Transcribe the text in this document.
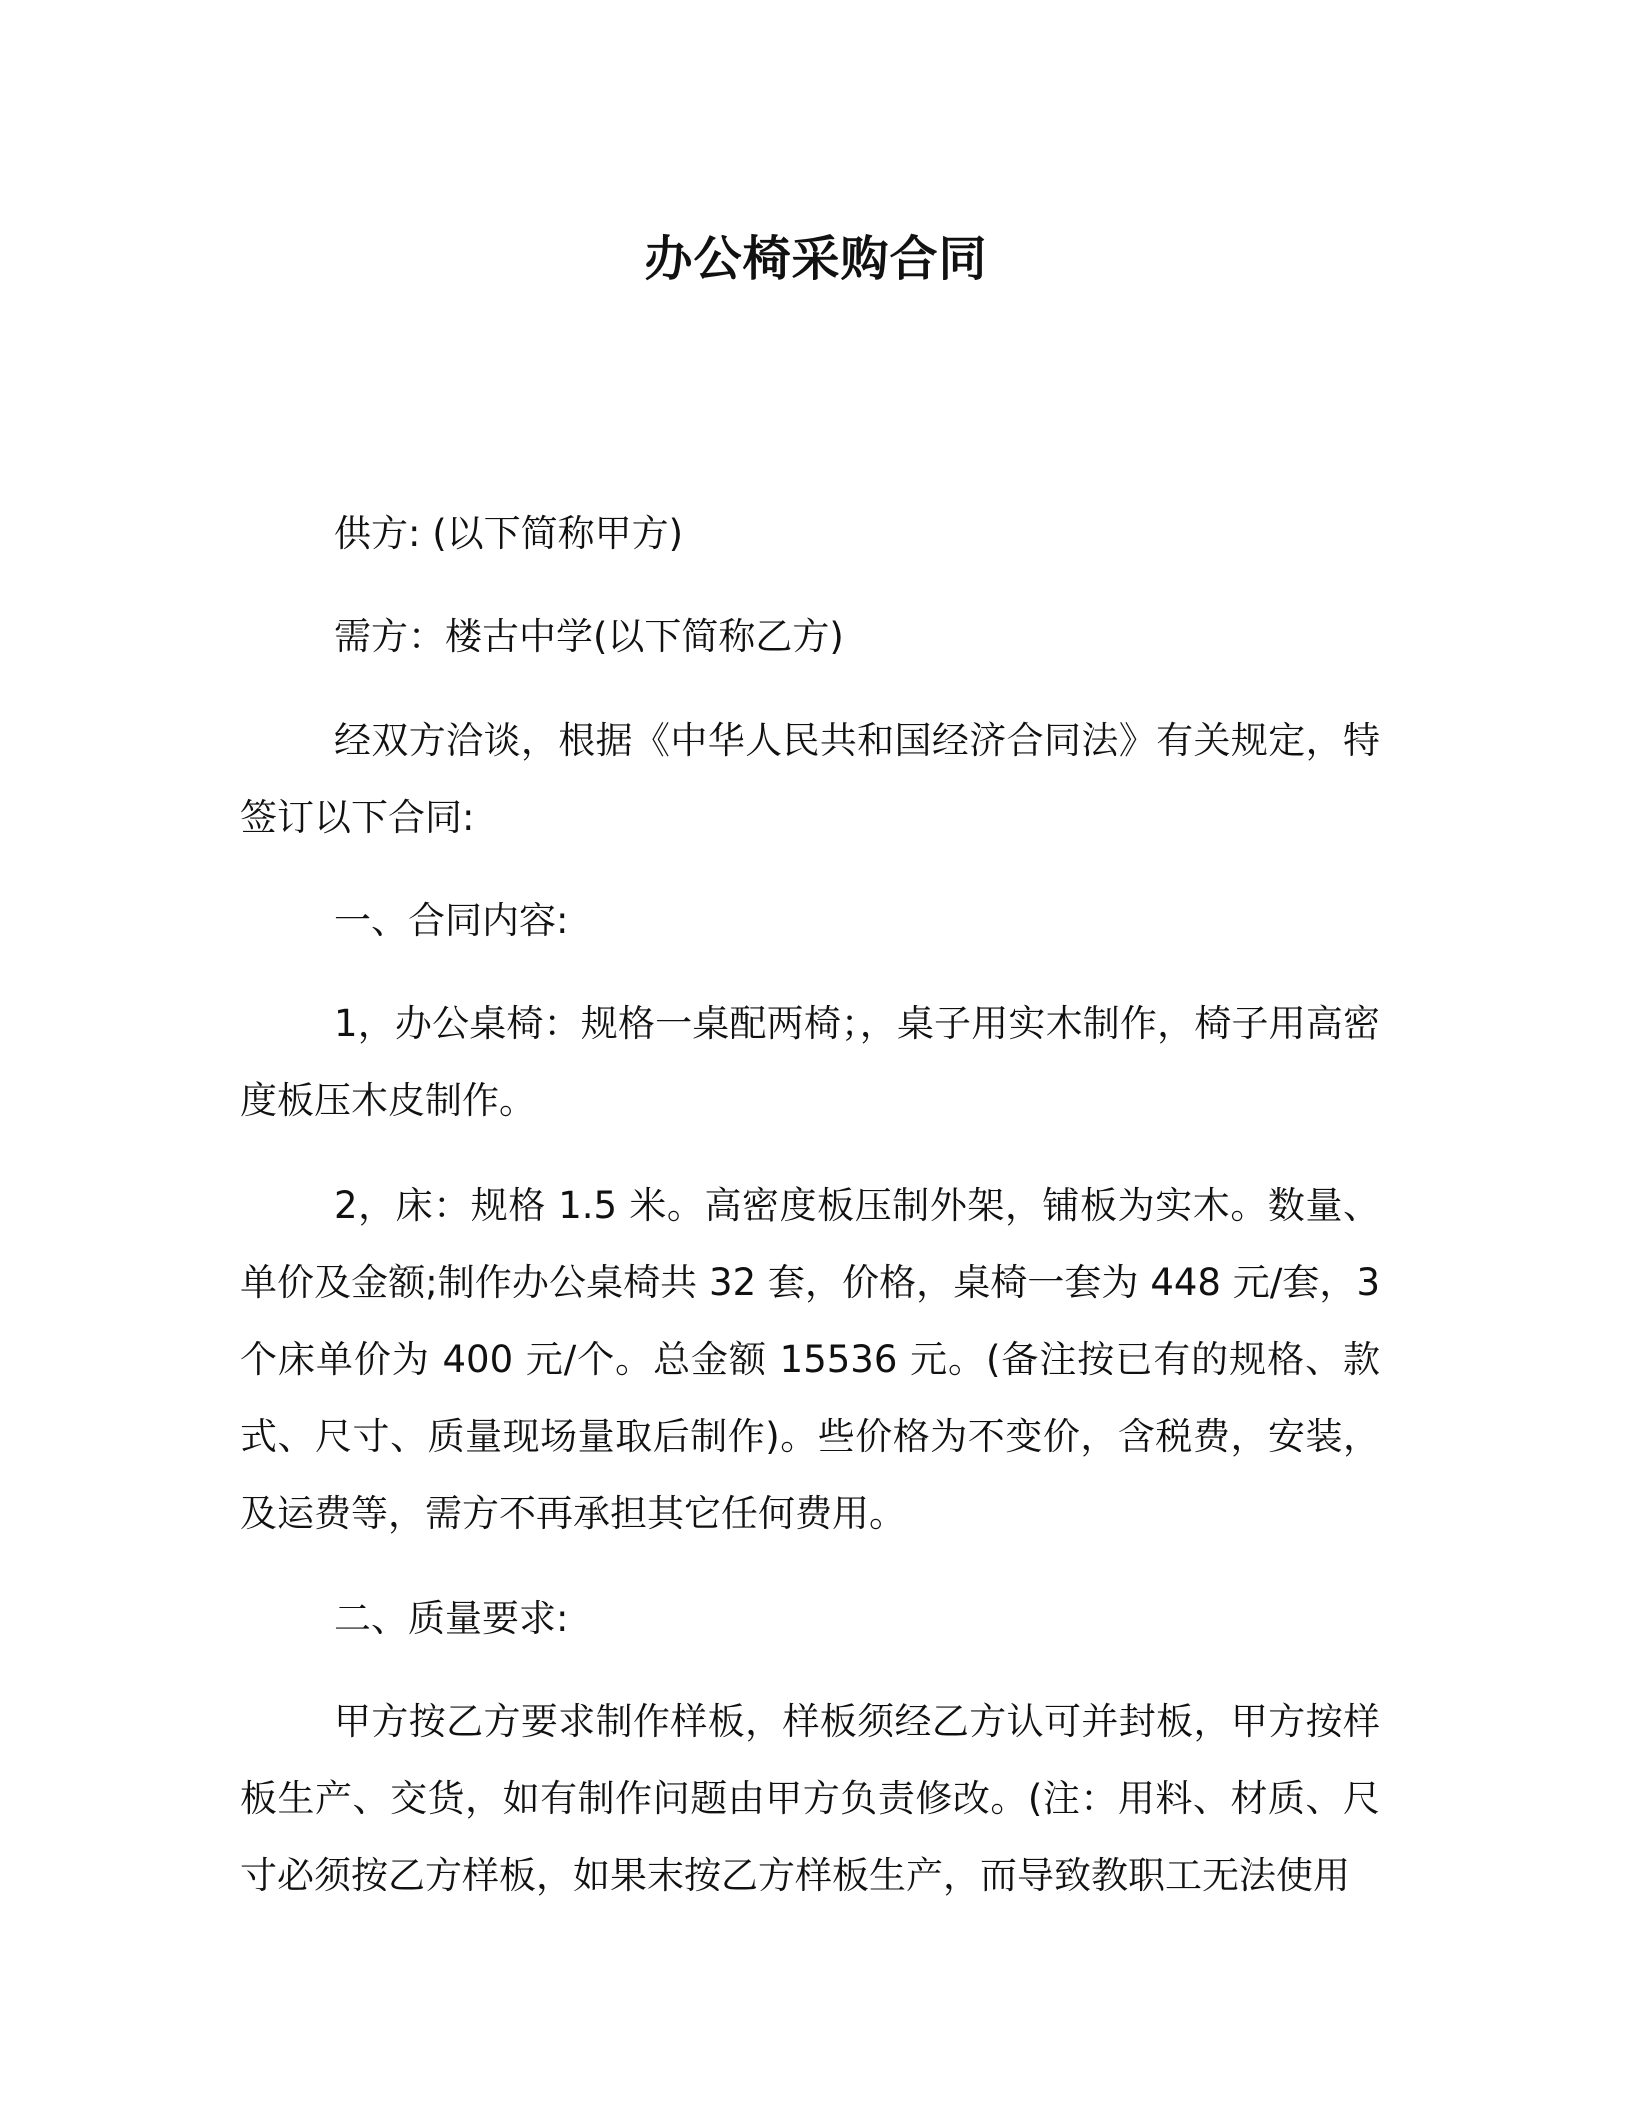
办公椅采购合同

供方: (以下简称甲方)

需方：楼古中学(以下简称乙方)

经双方洽谈，根据《中华人民共和国经济合同法》有关规定，特签订以下合同:

一、合同内容:

1，办公桌椅：规格一桌配两椅；，桌子用实木制作，椅子用高密度板压木皮制作。

2，床：规格 1.5 米。高密度板压制外架，铺板为实木。数量、单价及金额;制作办公桌椅共 32 套，价格，桌椅一套为 448 元/套，3 个床单价为 400 元/个。总金额 15536 元。(备注按已有的规格、款式、尺寸、质量现场量取后制作)。些价格为不变价，含税费，安装，及运费等，需方不再承担其它任何费用。

二、质量要求:

甲方按乙方要求制作样板，样板须经乙方认可并封板，甲方按样板生产、交货，如有制作问题由甲方负责修改。(注：用料、材质、尺寸必须按乙方样板，如果末按乙方样板生产，而导致教职工无法使用
